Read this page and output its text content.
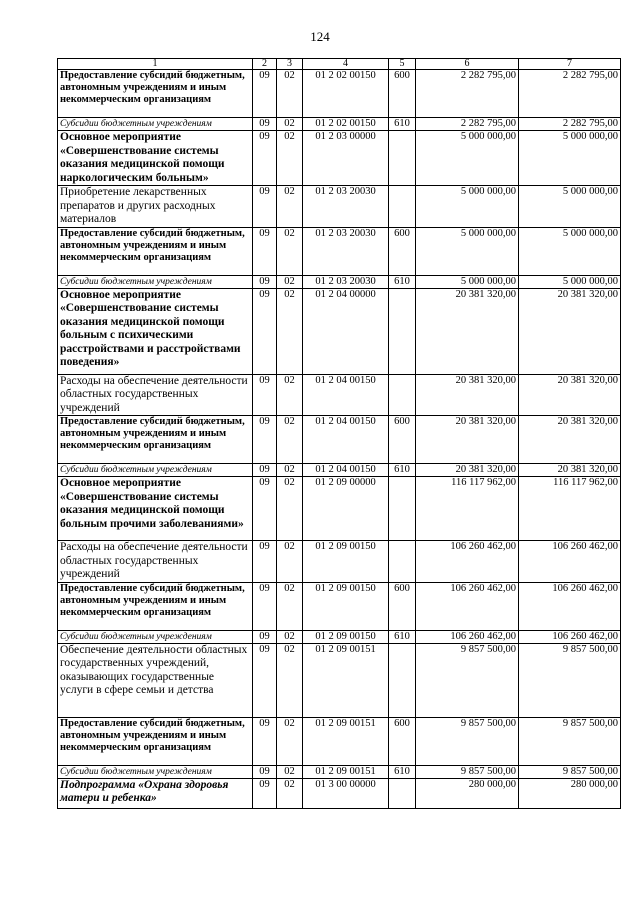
124
1	2	3	4	5	6	7
Предоставление субсидий бюджетным, автономным учреждениям и иным некоммерческим организациям	09	02	01 2 02 00150	600	2 282 795,00	2 282 795,00
Субсидии бюджетным учреждениям	09	02	01 2 02 00150	610	2 282 795,00	2 282 795,00
Основное мероприятие «Совершенствование системы оказания медицинской помощи наркологическим больным»	09	02	01 2 03 00000		5 000 000,00	5 000 000,00
Приобретение лекарственных препаратов и других расходных материалов	09	02	01 2 03 20030		5 000 000,00	5 000 000,00
Предоставление субсидий бюджетным, автономным учреждениям и иным некоммерческим организациям	09	02	01 2 03 20030	600	5 000 000,00	5 000 000,00
Субсидии бюджетным учреждениям	09	02	01 2 03 20030	610	5 000 000,00	5 000 000,00
Основное мероприятие «Совершенствование системы оказания медицинской помощи больным с психическими расстройствами и расстройствами поведения»	09	02	01 2 04 00000		20 381 320,00	20 381 320,00
Расходы на обеспечение деятельности областных государственных учреждений	09	02	01 2 04 00150		20 381 320,00	20 381 320,00
Предоставление субсидий бюджетным, автономным учреждениям и иным некоммерческим организациям	09	02	01 2 04 00150	600	20 381 320,00	20 381 320,00
Субсидии бюджетным учреждениям	09	02	01 2 04 00150	610	20 381 320,00	20 381 320,00
Основное мероприятие «Совершенствование системы оказания медицинской помощи больным прочими заболеваниями»	09	02	01 2 09 00000		116 117 962,00	116 117 962,00
Расходы на обеспечение деятельности областных государственных учреждений	09	02	01 2 09 00150		106 260 462,00	106 260 462,00
Предоставление субсидий бюджетным, автономным учреждениям и иным некоммерческим организациям	09	02	01 2 09 00150	600	106 260 462,00	106 260 462,00
Субсидии бюджетным учреждениям	09	02	01 2 09 00150	610	106 260 462,00	106 260 462,00
Обеспечение деятельности областных государственных учреждений, оказывающих государственные услуги в сфере семьи и детства	09	02	01 2 09 00151		9 857 500,00	9 857 500,00
Предоставление субсидий бюджетным, автономным учреждениям и иным некоммерческим организациям	09	02	01 2 09 00151	600	9 857 500,00	9 857 500,00
Субсидии бюджетным учреждениям	09	02	01 2 09 00151	610	9 857 500,00	9 857 500,00
Подпрограмма «Охрана здоровья матери и ребенка»	09	02	01 3 00 00000		280 000,00	280 000,00
